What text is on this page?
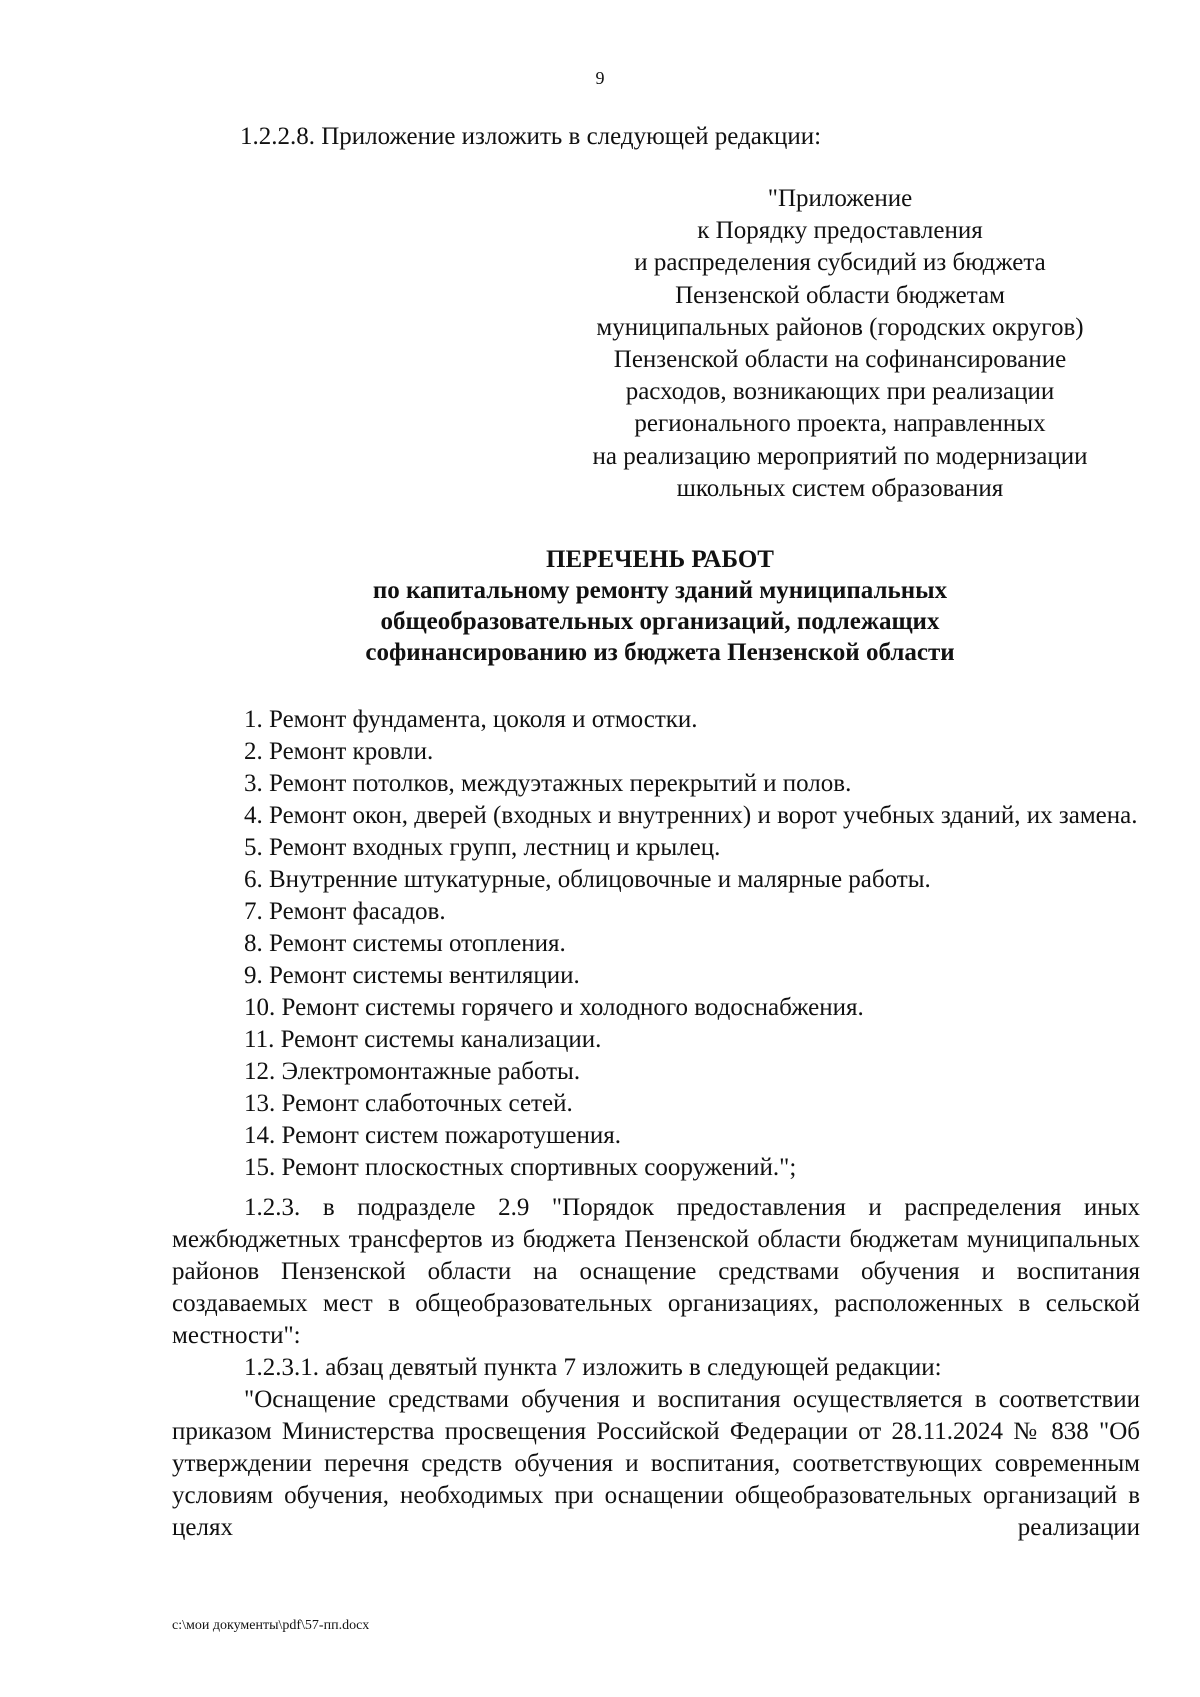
9
1.2.2.8. Приложение изложить в следующей редакции:
"Приложение
к Порядку предоставления
и распределения субсидий из бюджета
Пензенской области бюджетам
муниципальных районов (городских округов)
Пензенской области на софинансирование
расходов, возникающих при реализации
регионального проекта, направленных
на реализацию мероприятий по модернизации
школьных систем образования
ПЕРЕЧЕНЬ РАБОТ
по капитальному ремонту зданий муниципальных
общеобразовательных организаций, подлежащих
софинансированию из бюджета Пензенской области

1. Ремонт фундамента, цоколя и отмостки.

2. Ремонт кровли.

3. Ремонт потолков, междуэтажных перекрытий и полов.

4. Ремонт окон, дверей (входных и внутренних) и ворот учебных зданий, их замена.

5. Ремонт входных групп, лестниц и крылец.

6. Внутренние штукатурные, облицовочные и малярные работы.

7. Ремонт фасадов.

8. Ремонт системы отопления.

9. Ремонт системы вентиляции.

10. Ремонт системы горячего и холодного водоснабжения.

11. Ремонт системы канализации.

12. Электромонтажные работы.

13. Ремонт слаботочных сетей.

14. Ремонт систем пожаротушения.

15. Ремонт плоскостных спортивных сооружений.";

1.2.3. в подразделе 2.9 "Порядок предоставления и распределения иных межбюджетных трансфертов из бюджета Пензенской области бюджетам муниципальных районов Пензенской области на оснащение средствами обучения и воспитания создаваемых мест в общеобразовательных организациях, расположенных в сельской местности":

1.2.3.1. абзац девятый пункта 7 изложить в следующей редакции:

"Оснащение средствами обучения и воспитания осуществляется в соответствии приказом Министерства просвещения Российской Федерации от 28.11.2024 № 838 "Об утверждении перечня средств обучения и воспитания, соответствующих современным условиям обучения, необходимых при оснащении общеобразовательных организаций в целях реализации

c:\мои документы\pdf\57-пп.docx
